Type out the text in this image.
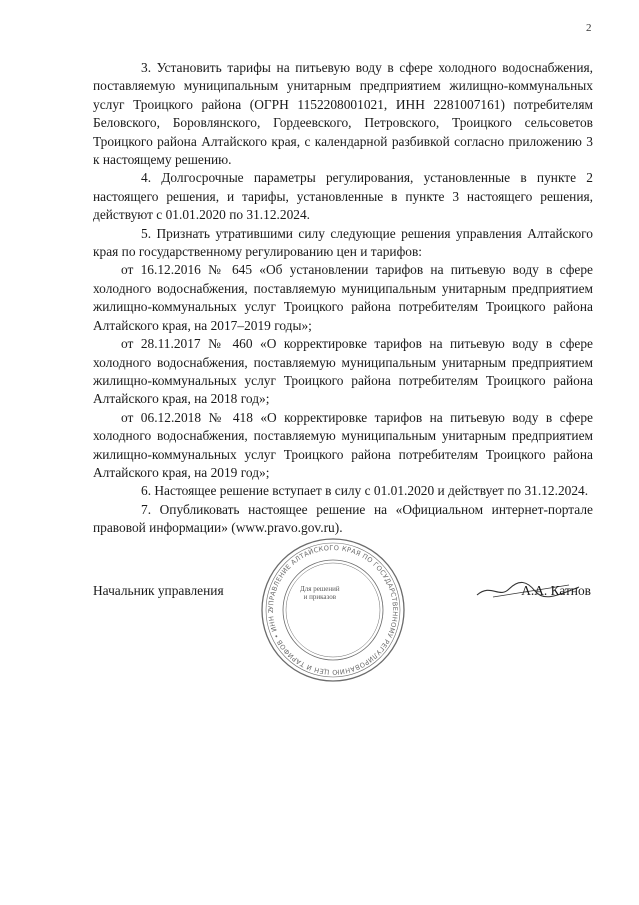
2

3. Установить тарифы на питьевую воду в сфере холодного водоснабжения, поставляемую муниципальным унитарным предприятием жилищно-коммунальных услуг Троицкого района (ОГРН 1152208001021, ИНН 2281007161) потребителям Беловского, Боровлянского, Гордеевского, Петровского, Троицкого сельсоветов Троицкого района Алтайского края, с календарной разбивкой согласно приложению 3 к настоящему решению.

4. Долгосрочные параметры регулирования, установленные в пункте 2 настоящего решения, и тарифы, установленные в пункте 3 настоящего решения, действуют с 01.01.2020 по 31.12.2024.

5. Признать утратившими силу следующие решения управления Алтайского края по государственному регулированию цен и тарифов:

от 16.12.2016 № 645 «Об установлении тарифов на питьевую воду в сфере холодного водоснабжения, поставляемую муниципальным унитарным предприятием жилищно-коммунальных услуг Троицкого района потребителям Троицкого района Алтайского края, на 2017–2019 годы»;

от 28.11.2017 № 460 «О корректировке тарифов на питьевую воду в сфере холодного водоснабжения, поставляемую муниципальным унитарным предприятием жилищно-коммунальных услуг Троицкого района потребителям Троицкого района Алтайского края, на 2018 год»;

от 06.12.2018 № 418 «О корректировке тарифов на питьевую воду в сфере холодного водоснабжения, поставляемую муниципальным унитарным предприятием жилищно-коммунальных услуг Троицкого района потребителям Троицкого района Алтайского края, на 2019 год»;

6. Настоящее решение вступает в силу с 01.01.2020 и действует по 31.12.2024.

7. Опубликовать настоящее решение на «Официальном интернет-портале правовой информации» (www.pravo.gov.ru).

УПРАВЛЕНИЕ АЛТАЙСКОГО КРАЯ ПО ГОСУДАРСТВЕННОМУ РЕГУЛИРОВАНИЮ ЦЕН И ТАРИФОВ • ИНН 2
Для решений
и приказов
Начальник управления	А.А. Катнов
